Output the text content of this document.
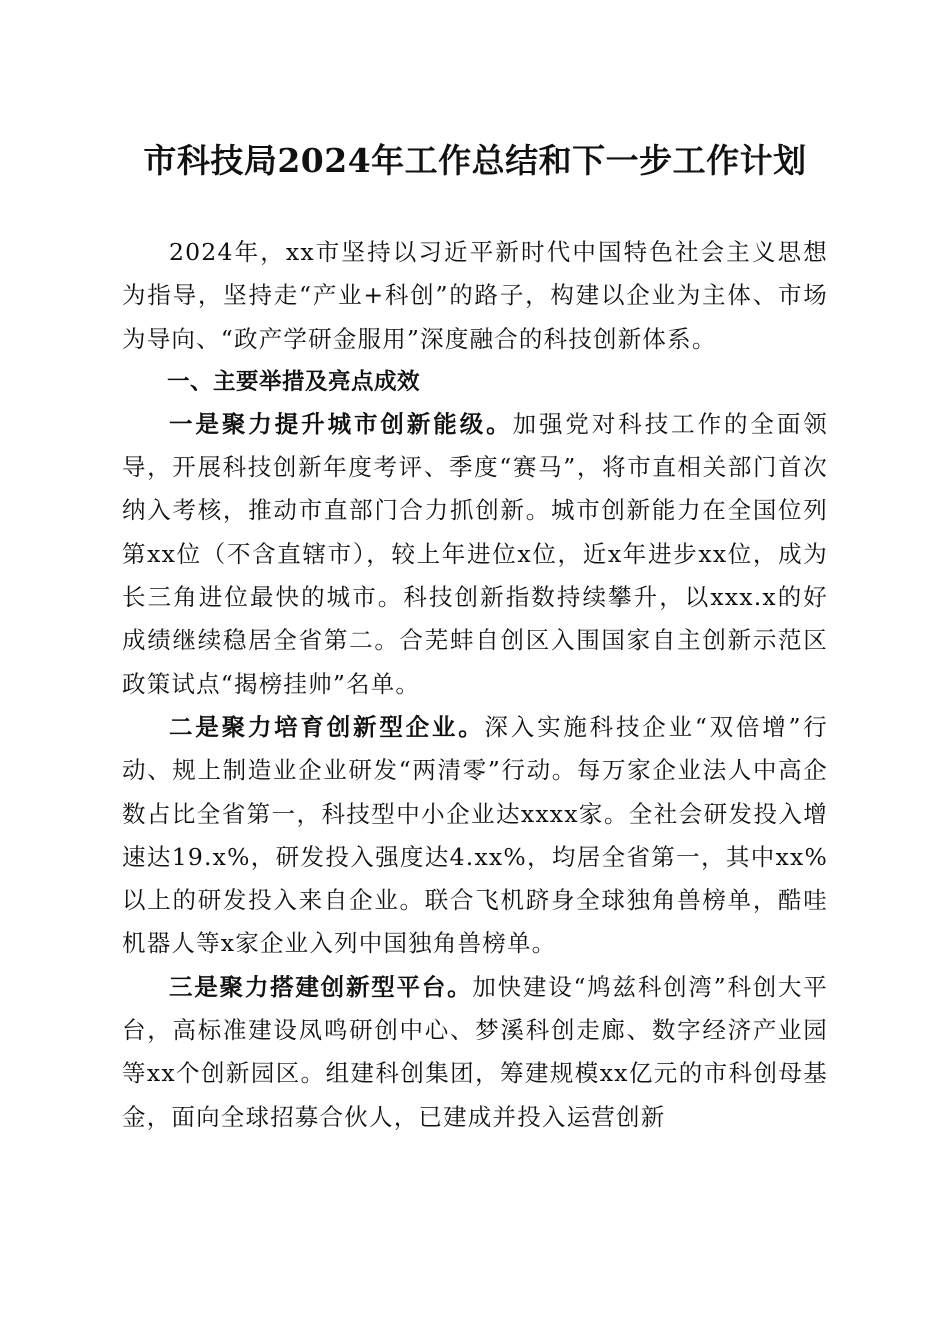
市科技局2024年工作总结和下一步工作计划

2024年，xx市坚持以习近平新时代中国特色社会主义思想为指导，坚持走“产业+科创”的路子，构建以企业为主体、市场为导向、“政产学研金服用”深度融合的科技创新体系。

一、主要举措及亮点成效

一是聚力提升城市创新能级。加强党对科技工作的全面领导，开展科技创新年度考评、季度“赛马”，将市直相关部门首次纳入考核，推动市直部门合力抓创新。城市创新能力在全国位列第xx位（不含直辖市），较上年进位x位，近x年进步xx位，成为长三角进位最快的城市。科技创新指数持续攀升，以xxx.x的好成绩继续稳居全省第二。合芜蚌自创区入围国家自主创新示范区政策试点“揭榜挂帅”名单。

二是聚力培育创新型企业。深入实施科技企业“双倍增”行动、规上制造业企业研发“两清零”行动。每万家企业法人中高企数占比全省第一，科技型中小企业达xxxx家。全社会研发投入增速达19.x%，研发投入强度达4.xx%，均居全省第一，其中xx%以上的研发投入来自企业。联合飞机跻身全球独角兽榜单，酷哇机器人等x家企业入列中国独角兽榜单。

三是聚力搭建创新型平台。加快建设“鸠兹科创湾”科创大平台，高标准建设凤鸣研创中心、梦溪科创走廊、数字经济产业园等xx个创新园区。组建科创集团，筹建规模xx亿元的市科创母基金，面向全球招募合伙人，已建成并投入运营创新
